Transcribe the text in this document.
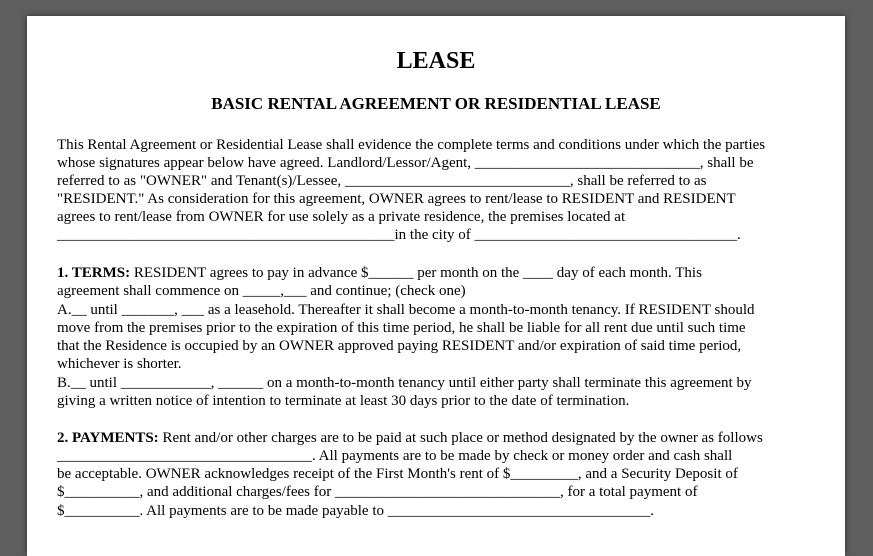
LEASE
BASIC RENTAL AGREEMENT OR RESIDENTIAL LEASE
This Rental Agreement or Residential Lease shall evidence the complete terms and conditions under which the parties
whose signatures appear below have agreed. Landlord/Lessor/Agent, ______________________________, shall be
referred to as "OWNER" and Tenant(s)/Lessee, ______________________________, shall be referred to as
"RESIDENT." As consideration for this agreement, OWNER agrees to rent/lease to RESIDENT and RESIDENT
agrees to rent/lease from OWNER for use solely as a private residence, the premises located at
_____________________________________________in the city of ___________________________________.
1. TERMS: RESIDENT agrees to pay in advance $______ per month on the ____ day of each month. This
agreement shall commence on _____,___ and continue; (check one)
A.__ until _______, ___ as a leasehold. Thereafter it shall become a month-to-month tenancy. If RESIDENT should
move from the premises prior to the expiration of this time period, he shall be liable for all rent due until such time
that the Residence is occupied by an OWNER approved paying RESIDENT and/or expiration of said time period,
whichever is shorter.
B.__ until ____________, ______ on a month-to-month tenancy until either party shall terminate this agreement by
giving a written notice of intention to terminate at least 30 days prior to the date of termination.
2. PAYMENTS: Rent and/or other charges are to be paid at such place or method designated by the owner as follows
__________________________________. All payments are to be made by check or money order and cash shall
be acceptable. OWNER acknowledges receipt of the First Month's rent of $_________, and a Security Deposit of
$__________, and additional charges/fees for ______________________________, for a total payment of
$__________. All payments are to be made payable to ___________________________________.
